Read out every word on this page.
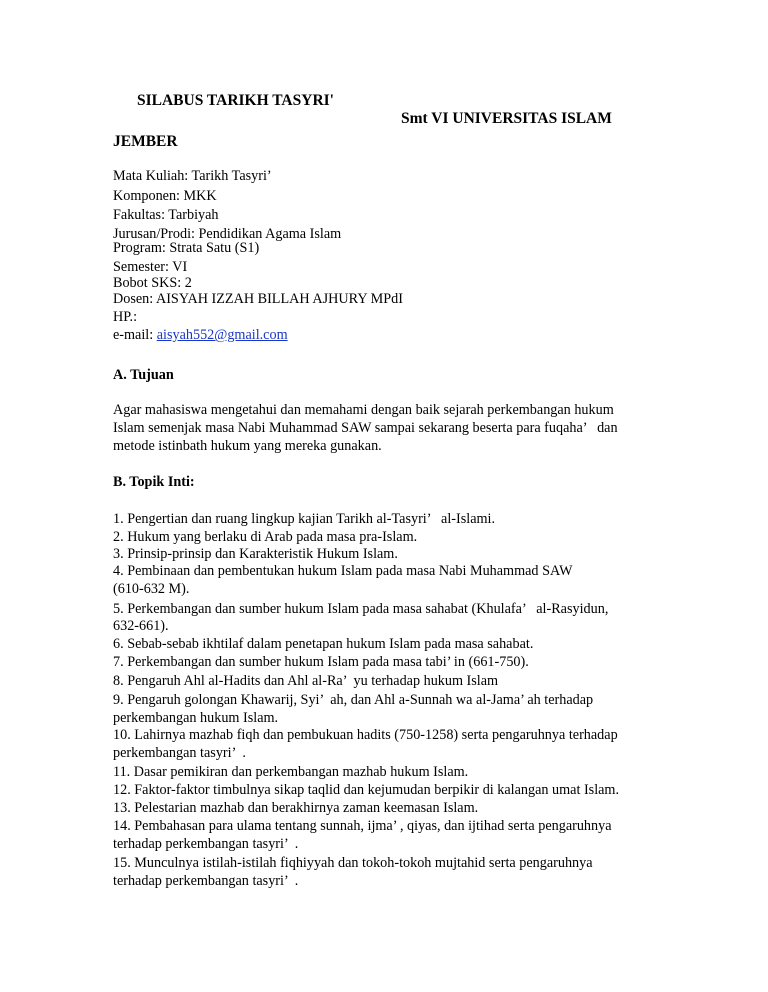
SILABUS TARIKH TASYRI'
Smt VI UNIVERSITAS ISLAM
JEMBER
Mata Kuliah: Tarikh Tasyri’
Komponen: MKK
Fakultas: Tarbiyah
Jurusan/Prodi: Pendidikan Agama Islam
Program: Strata Satu (S1)
Semester: VI
Bobot SKS: 2
Dosen: AISYAH IZZAH BILLAH AJHURY MPdI
HP.:
e-mail: aisyah552@gmail.com
A. Tujuan
Agar mahasiswa mengetahui dan memahami dengan baik sejarah perkembangan hukum
Islam semenjak masa Nabi Muhammad SAW sampai sekarang beserta para fuqaha’   dan
metode istinbath hukum yang mereka gunakan.
B. Topik Inti:
1. Pengertian dan ruang lingkup kajian Tarikh al-Tasyri’   al-Islami.
2. Hukum yang berlaku di Arab pada masa pra-Islam.
3. Prinsip-prinsip dan Karakteristik Hukum Islam.
4. Pembinaan dan pembentukan hukum Islam pada masa Nabi Muhammad SAW
(610-632 M).
5. Perkembangan dan sumber hukum Islam pada masa sahabat (Khulafa’   al-Rasyidun,
632-661).
6. Sebab-sebab ikhtilaf dalam penetapan hukum Islam pada masa sahabat.
7. Perkembangan dan sumber hukum Islam pada masa tabi’ in (661-750).
8. Pengaruh Ahl al-Hadits dan Ahl al-Ra’  yu terhadap hukum Islam
9. Pengaruh golongan Khawarij, Syi’  ah, dan Ahl a-Sunnah wa al-Jama’ ah terhadap
perkembangan hukum Islam.
10. Lahirnya mazhab fiqh dan pembukuan hadits (750-1258) serta pengaruhnya terhadap
perkembangan tasyri’  .
11. Dasar pemikiran dan perkembangan mazhab hukum Islam.
12. Faktor-faktor timbulnya sikap taqlid dan kejumudan berpikir di kalangan umat Islam.
13. Pelestarian mazhab dan berakhirnya zaman keemasan Islam.
14. Pembahasan para ulama tentang sunnah, ijma’ , qiyas, dan ijtihad serta pengaruhnya
terhadap perkembangan tasyri’  .
15. Munculnya istilah-istilah fiqhiyyah dan tokoh-tokoh mujtahid serta pengaruhnya
terhadap perkembangan tasyri’  .
